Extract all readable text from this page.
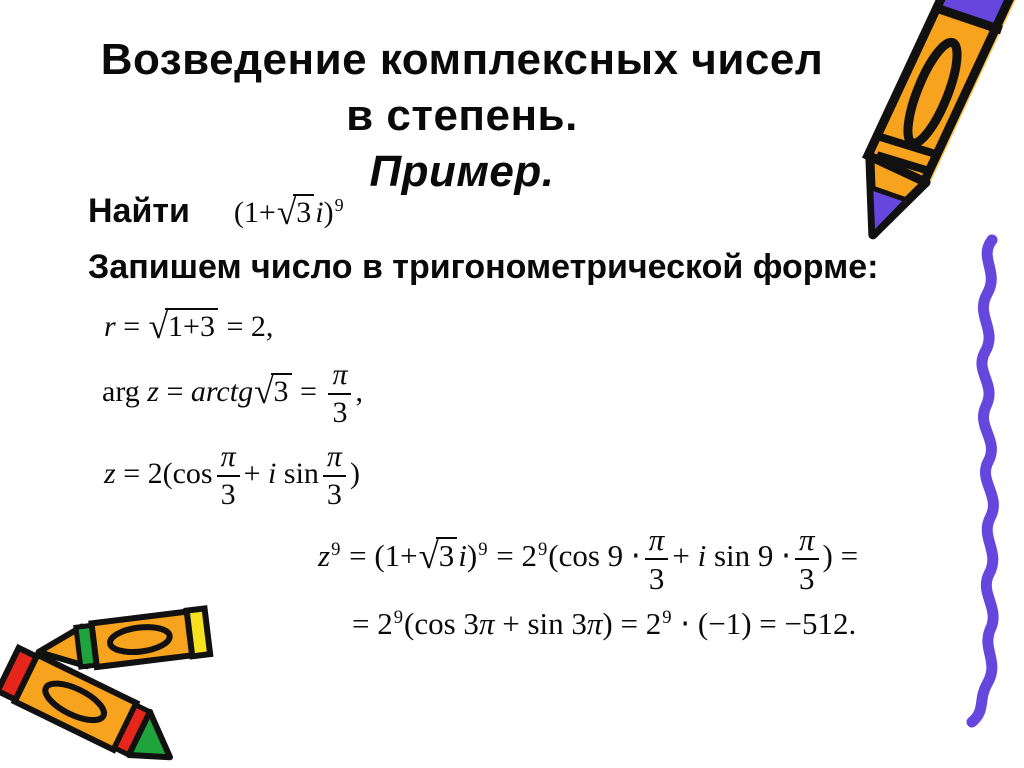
Возведение комплексных чисел
в степень.
Пример.
Найти (1+√3 i)9
Запишем число в тригонометрической форме:
r = √1+3 = 2,
arg z = arctg√3 = $\frac{\pi}{3}$ ,
$z = 2(\cos \frac{\pi}{3} + i$ $\sin \frac{\pi}{3}$ )
z9 = (1+√3 i)9 = 29(cos $9 \cdot \frac{\pi}{3} + i$ $\sin 9 \cdot \frac{\pi}{3}$ ) =
= 29(cos 3π + sin 3π) = 29 ⋅ (−1) = −512.
